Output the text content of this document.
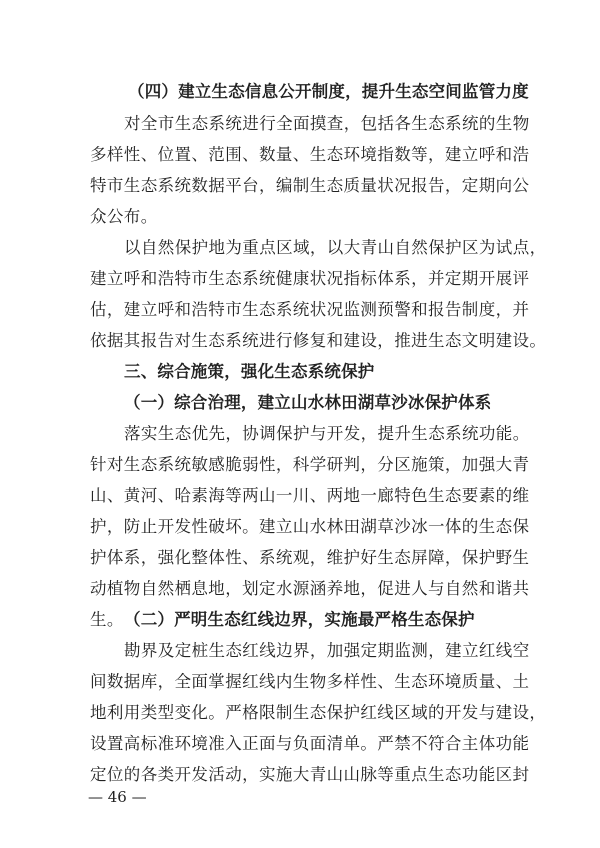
（四）建立生态信息公开制度，提升生态空间监管力度
对全市生态系统进行全面摸查，包括各生态系统的生物
多样性、位置、范围、数量、生态环境指数等，建立呼和浩
特市生态系统数据平台，编制生态质量状况报告，定期向公
众公布。
以自然保护地为重点区域，以大青山自然保护区为试点，
建立呼和浩特市生态系统健康状况指标体系，并定期开展评
估，建立呼和浩特市生态系统状况监测预警和报告制度，并
依据其报告对生态系统进行修复和建设，推进生态文明建设。
三、综合施策，强化生态系统保护
（一）综合治理，建立山水林田湖草沙冰保护体系
落实生态优先，协调保护与开发，提升生态系统功能。
针对生态系统敏感脆弱性，科学研判，分区施策，加强大青
山、黄河、哈素海等两山一川、两地一廊特色生态要素的维
护，防止开发性破坏。建立山水林田湖草沙冰一体的生态保
护体系，强化整体性、系统观，维护好生态屏障，保护野生
动植物自然栖息地，划定水源涵养地，促进人与自然和谐共
生。 （二）严明生态红线边界，实施最严格生态保护
勘界及定桩生态红线边界，加强定期监测，建立红线空
间数据库，全面掌握红线内生物多样性、生态环境质量、土
地利用类型变化。严格限制生态保护红线区域的开发与建设，
设置高标准环境准入正面与负面清单。严禁不符合主体功能
定位的各类开发活动，实施大青山山脉等重点生态功能区封
— 46 —
